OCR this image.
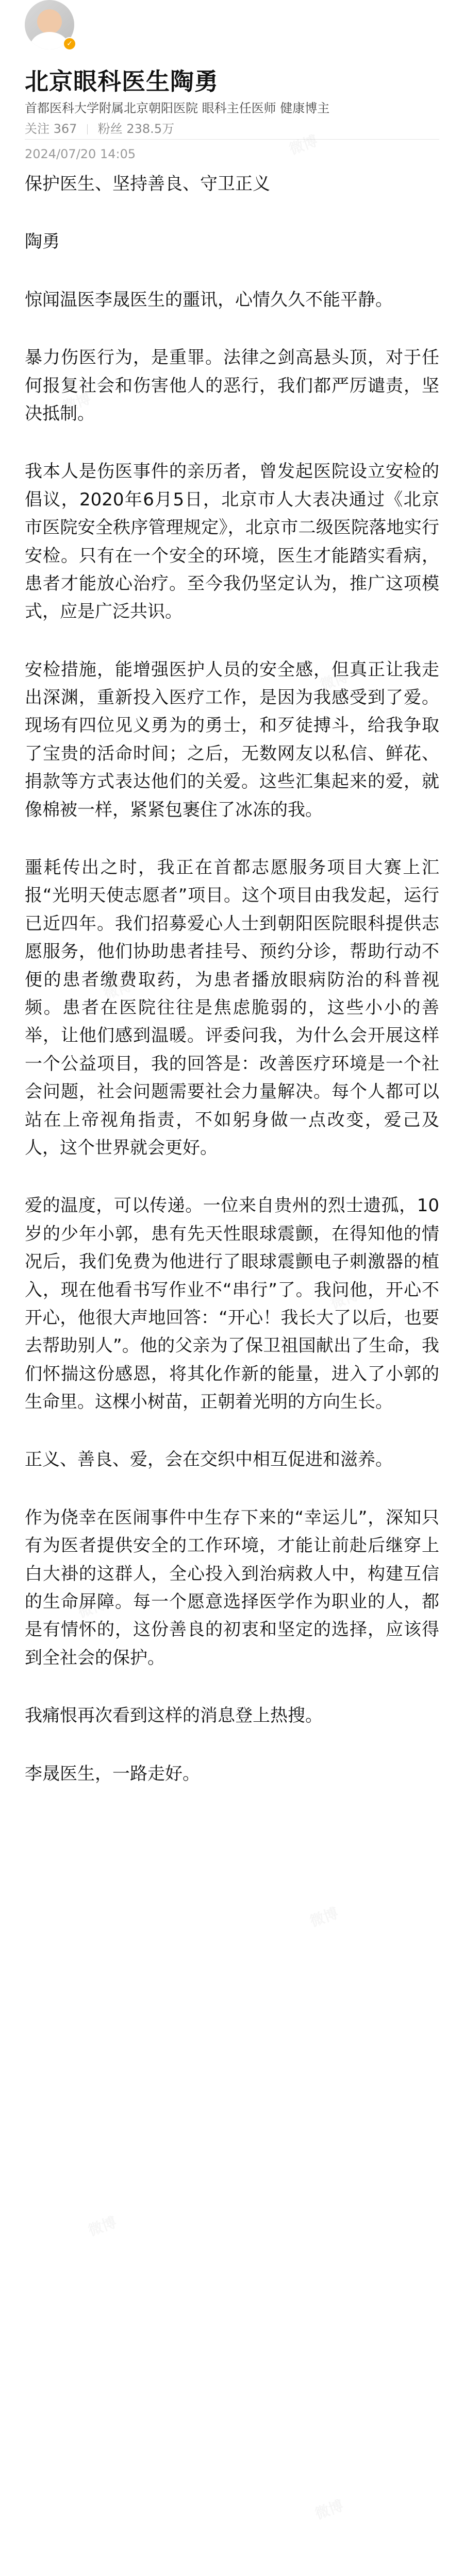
✓
北京眼科医生陶勇
首都医科大学附属北京朝阳医院 眼科主任医师 健康博主
关注 367 粉丝 238.5万
2024/07/20 14:05

保护医生、坚持善良、守卫正义

陶勇

惊闻温医李晟医生的噩讯，心情久久不能平静。

暴力伤医行为，是重罪。法律之剑高悬头顶，对于任何报复社会和伤害他人的恶行，我们都严厉谴责，坚决抵制。

我本人是伤医事件的亲历者，曾发起医院设立安检的倡议，2020年6月5日，北京市人大表决通过《北京市医院安全秩序管理规定》，北京市二级医院落地实行安检。只有在一个安全的环境，医生才能踏实看病，患者才能放心治疗。至今我仍坚定认为，推广这项模式，应是广泛共识。

安检措施，能增强医护人员的安全感，但真正让我走出深渊，重新投入医疗工作，是因为我感受到了爱。现场有四位见义勇为的勇士，和歹徒搏斗，给我争取了宝贵的活命时间；之后，无数网友以私信、鲜花、捐款等方式表达他们的关爱。这些汇集起来的爱，就像棉被一样，紧紧包裹住了冰冻的我。

噩耗传出之时，我正在首都志愿服务项目大赛上汇报“光明天使志愿者”项目。这个项目由我发起，运行已近四年。我们招募爱心人士到朝阳医院眼科提供志愿服务，他们协助患者挂号、预约分诊，帮助行动不便的患者缴费取药，为患者播放眼病防治的科普视频。患者在医院往往是焦虑脆弱的，这些小小的善举，让他们感到温暖。评委问我，为什么会开展这样一个公益项目，我的回答是：改善医疗环境是一个社会问题，社会问题需要社会力量解决。每个人都可以站在上帝视角指责，不如躬身做一点改变，爱己及人，这个世界就会更好。

爱的温度，可以传递。一位来自贵州的烈士遗孤，10岁的少年小郭，患有先天性眼球震颤，在得知他的情况后，我们免费为他进行了眼球震颤电子刺激器的植入，现在他看书写作业不“串行”了。我问他，开心不开心，他很大声地回答：“开心！我长大了以后，也要去帮助别人”。他的父亲为了保卫祖国献出了生命，我们怀揣这份感恩，将其化作新的能量，进入了小郭的生命里。这棵小树苗，正朝着光明的方向生长。

正义、善良、爱，会在交织中相互促进和滋养。

作为侥幸在医闹事件中生存下来的“幸运儿”，深知只有为医者提供安全的工作环境，才能让前赴后继穿上白大褂的这群人，全心投入到治病救人中，构建互信的生命屏障。每一个愿意选择医学作为职业的人，都是有情怀的，这份善良的初衷和坚定的选择，应该得到全社会的保护。

我痛恨再次看到这样的消息登上热搜。

李晟医生，一路走好。
